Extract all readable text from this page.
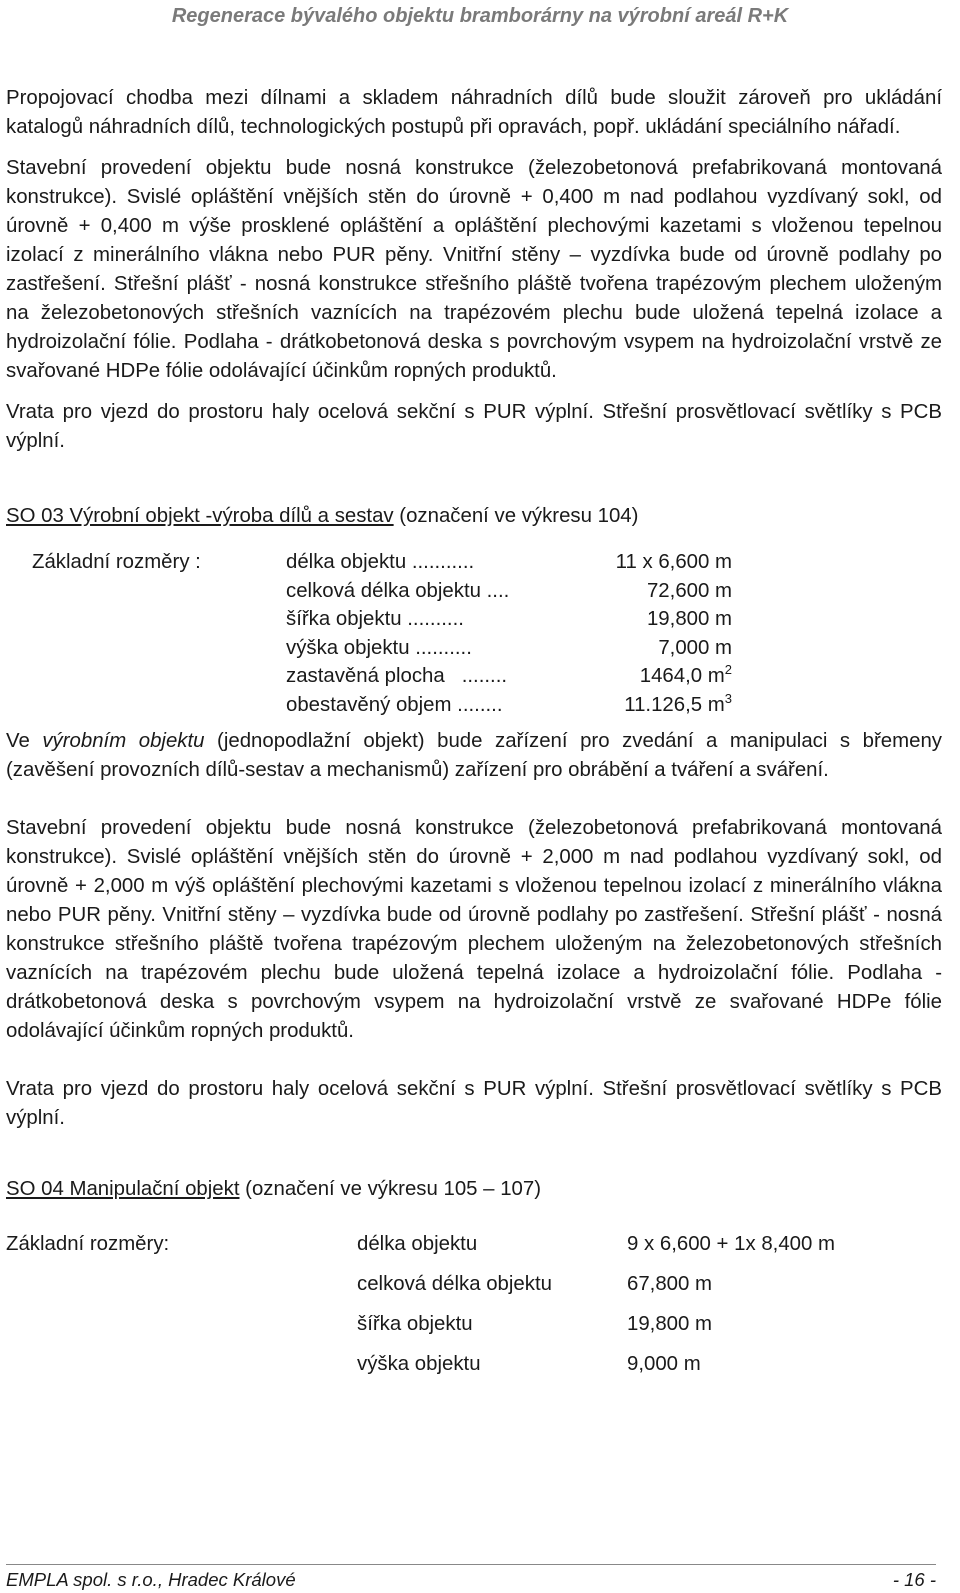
Regenerace bývalého objektu bramborárny na výrobní areál R+K

Propojovací chodba mezi dílnami a skladem náhradních dílů bude sloužit zároveň pro ukládání katalogů náhradních dílů, technologických postupů při opravách, popř. ukládání speciálního nářadí.

Stavební provedení objektu bude nosná konstrukce (železobetonová prefabrikovaná montovaná konstrukce). Svislé opláštění vnějších stěn do úrovně + 0,400 m nad podlahou vyzdívaný sokl, od úrovně + 0,400 m výše prosklené opláštění a opláštění plechovými kazetami s vloženou tepelnou izolací z minerálního vlákna nebo PUR pěny. Vnitřní stěny – vyzdívka bude od úrovně podlahy po zastřešení. Střešní plášť - nosná konstrukce střešního pláště tvořena trapézovým plechem uloženým na železobetonových střešních vaznících na trapézovém plechu bude uložená tepelná izolace a hydroizolační fólie. Podlaha - drátkobetonová deska s povrchovým vsypem na hydroizolační vrstvě ze svařované HDPe fólie odolávající účinkům ropných produktů.

Vrata pro vjezd do prostoru haly ocelová sekční s PUR výplní. Střešní prosvětlovací světlíky s PCB výplní.

SO 03 Výrobní objekt -výroba dílů a sestav (označení ve výkresu 104)

Základní rozměry :	délka objektu ...........	11 x 6,600 m
celková délka objektu ....	72,600 m
šířka objektu ..........	19,800 m
výška objektu ..........	7,000 m
zastavěná plocha   ........	1464,0 $m^2$
obestavěný objem ........	11.126,5 $m^3$

Ve výrobním objektu (jednopodlažní objekt) bude zařízení pro zvedání a manipulaci s břemeny (zavěšení provozních dílů-sestav a mechanismů) zařízení pro obrábění a tváření a sváření.

Stavební provedení objektu bude nosná konstrukce (železobetonová prefabrikovaná montovaná konstrukce). Svislé opláštění vnějších stěn do úrovně + 2,000 m nad podlahou vyzdívaný sokl, od úrovně + 2,000 m výš opláštění plechovými kazetami s vloženou tepelnou izolací z minerálního vlákna nebo PUR pěny. Vnitřní stěny – vyzdívka bude od úrovně podlahy po zastřešení. Střešní plášť - nosná konstrukce střešního pláště tvořena trapézovým plechem uloženým na železobetonových střešních vaznících na trapézovém plechu bude uložená tepelná izolace a hydroizolační fólie. Podlaha - drátkobetonová deska s povrchovým vsypem na hydroizolační vrstvě ze svařované HDPe fólie odolávající účinkům ropných produktů.

Vrata pro vjezd do prostoru haly ocelová sekční s PUR výplní. Střešní prosvětlovací světlíky s PCB výplní.

SO 04 Manipulační objekt (označení ve výkresu 105 – 107)

Základní rozměry:	délka objektu	9 x 6,600 + 1x 8,400 m
celková délka objektu	67,800 m
šířka objektu	19,800 m
výška objektu	9,000 m
EMPLA spol. s r.o., Hradec Králové	- 16 -
